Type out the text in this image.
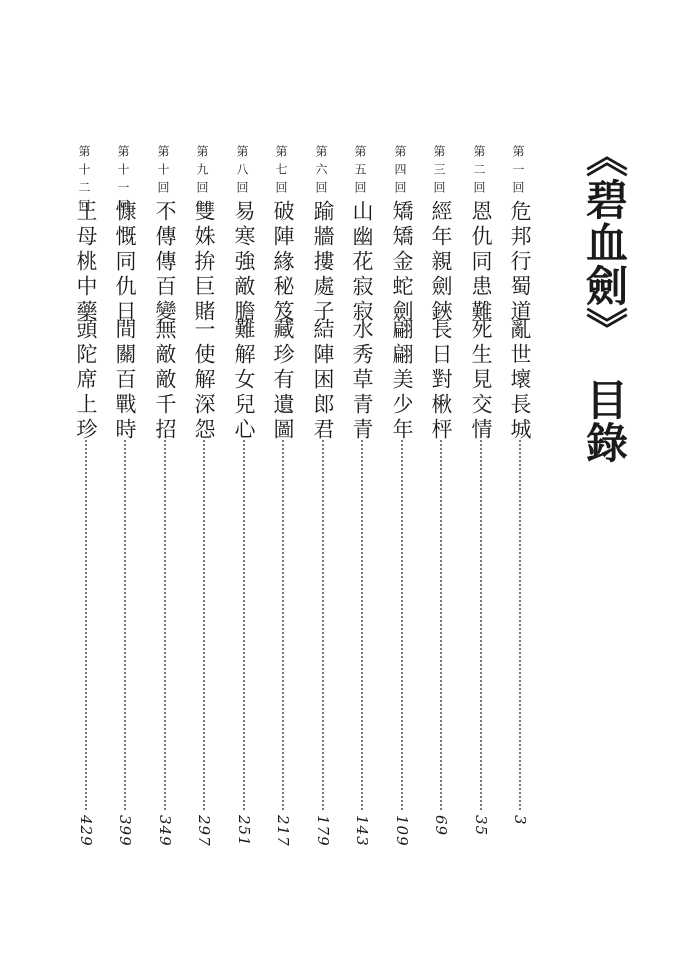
《碧血劍》目錄
第一回
危邦行蜀道
亂世壞長城
3
第二回
恩仇同患難
死生見交情
35
第三回
經年親劍鋏
長日對楸枰
69
第四回
矯矯金蛇劍
翩翩美少年
109
第五回
山幽花寂寂
水秀草青青
143
第六回
踰牆摟處子
結陣困郎君
179
第七回
破陣緣秘笈
藏珍有遺圖
217
第八回
易寒強敵膽
難解女兒心
251
第九回
雙姝拚巨賭
一使解深怨
297
第十回
不傳傳百變
無敵敵千招
349
第十一回
慷慨同仇日
間關百戰時
399
第十二回
王母桃中藥
頭陀席上珍
429
